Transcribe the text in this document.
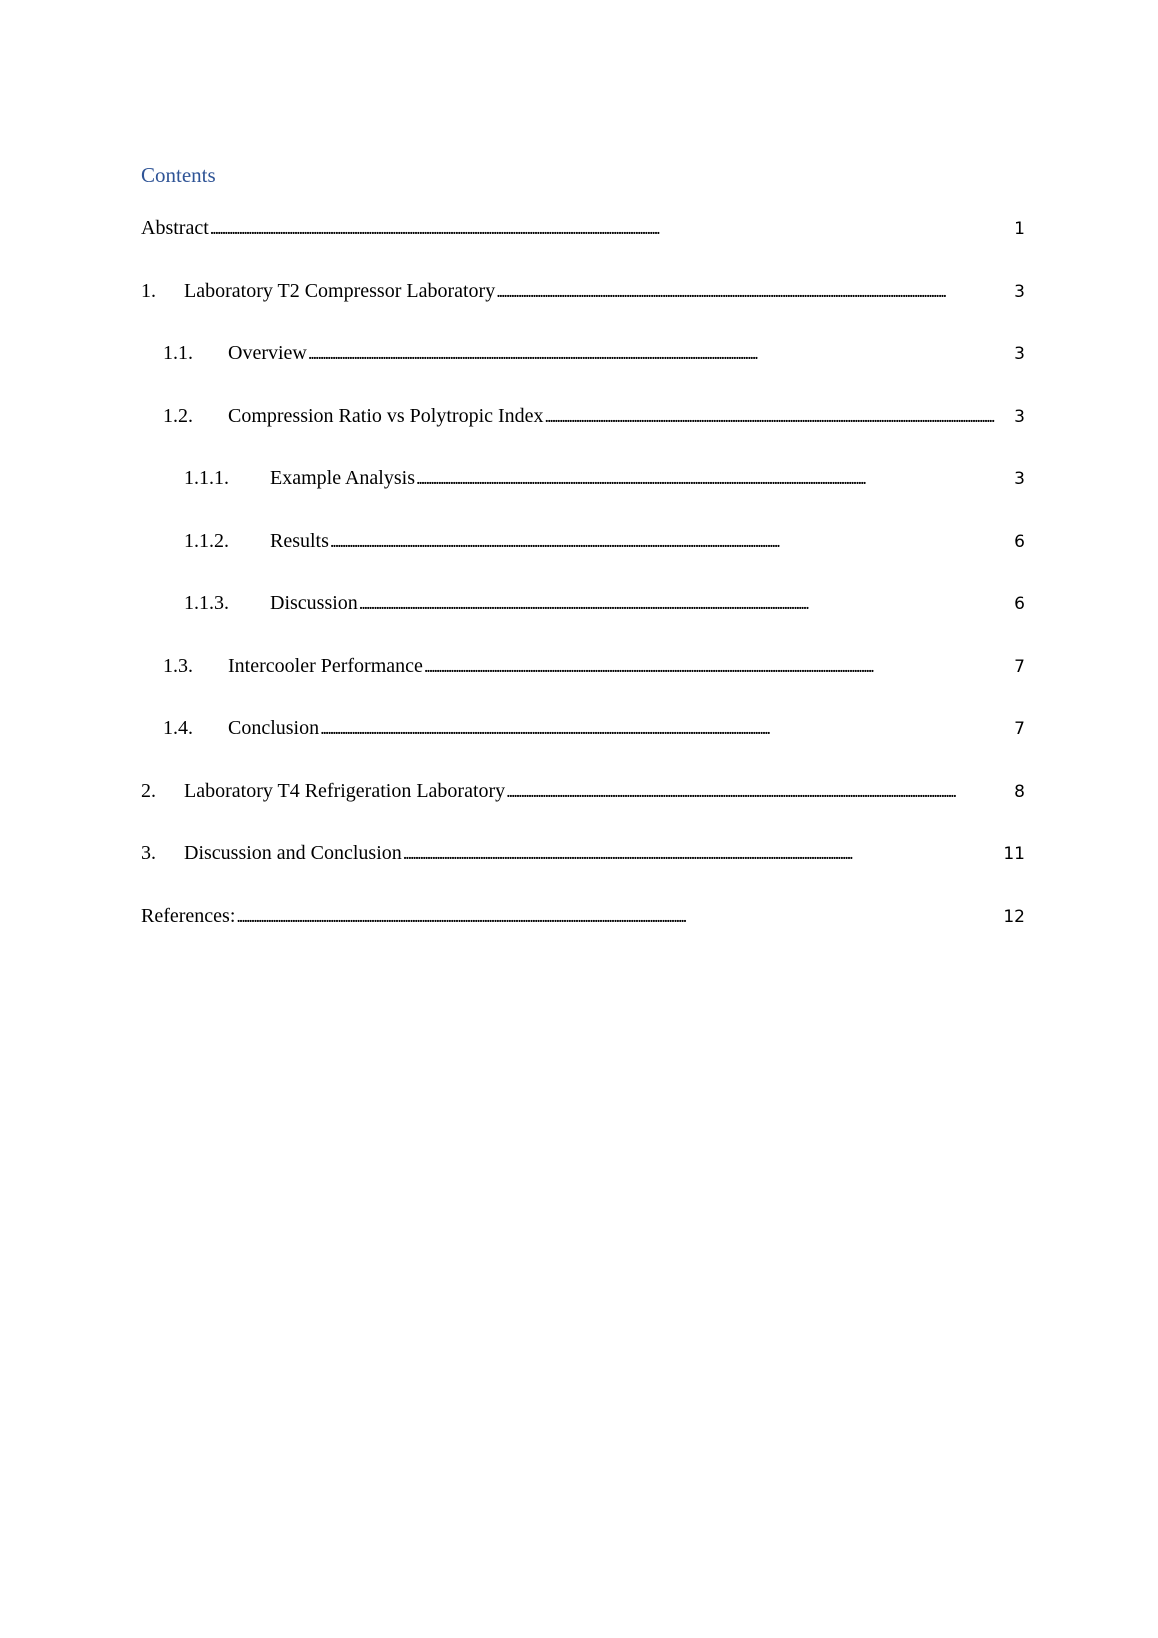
Contents
Abstract . . .	1
1.	Laboratory T2 Compressor Laboratory . . .	3
1.1.	Overview . . .	3
1.2.	Compression Ratio vs Polytropic Index . . .	3
1.1.1.	Example Analysis . . .	3
1.1.2.	Results . . .	6
1.1.3.	Discussion . . .	6
1.3.	Intercooler Performance . . .	7
1.4.	Conclusion . . .	7
2.	Laboratory T4 Refrigeration Laboratory . . .	8
3.	Discussion and Conclusion . . .	11
References: . . .	12
